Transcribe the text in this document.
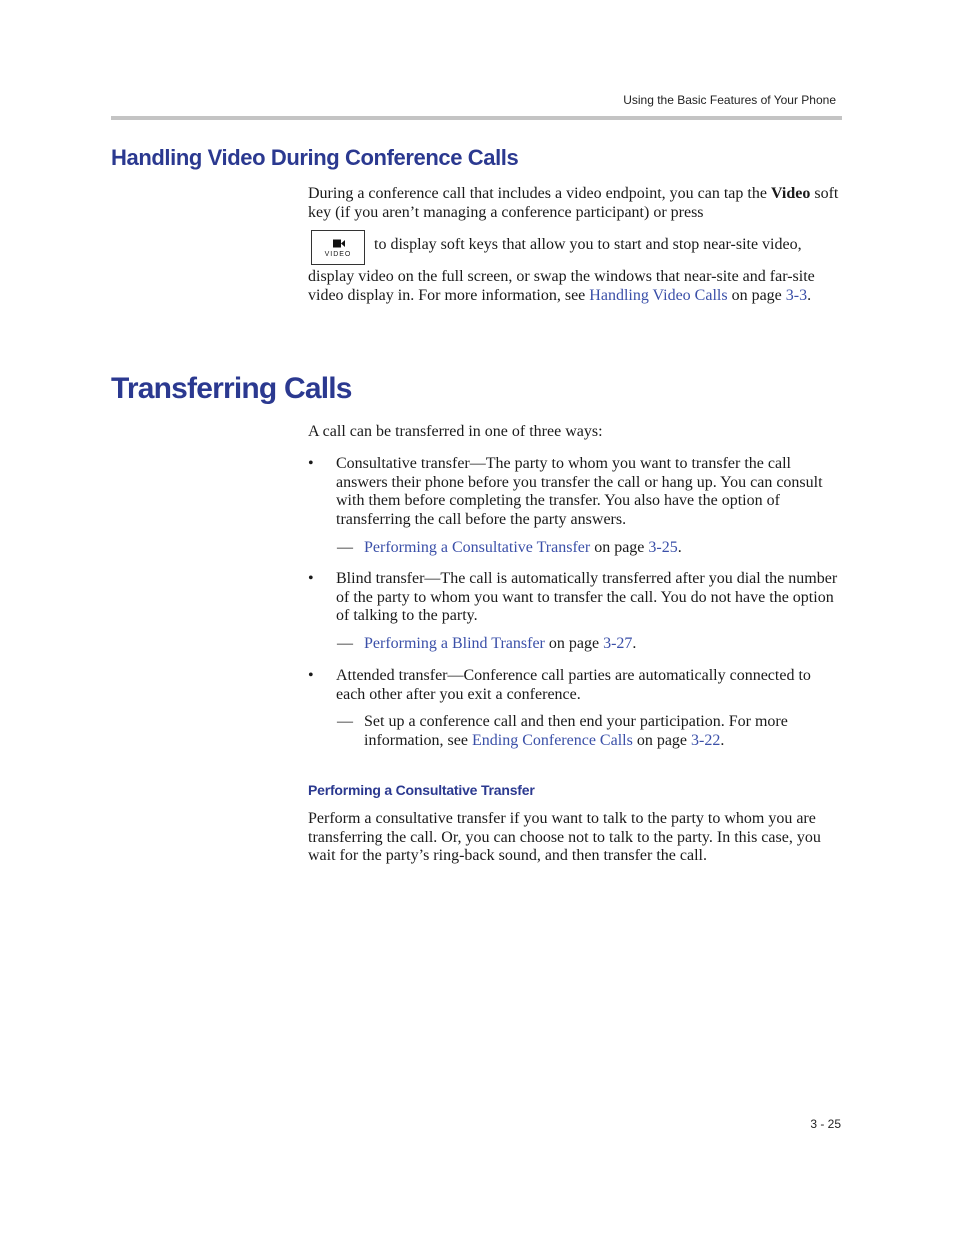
Using the Basic Features of Your Phone
Handling Video During Conference Calls

During a conference call that includes a video endpoint, you can tap the Video soft key (if you aren’t managing a conference participant) or press

VIDEO

to display soft keys that allow you to start and stop near-site video,

display video on the full screen, or swap the windows that near-site and far-site video display in. For more information, see Handling Video Calls on page 3-3.

Transferring Calls

A call can be transferred in one of three ways:

• Consultative transfer—The party to whom you want to transfer the call answers their phone before you transfer the call or hang up. You can consult with them before completing the transfer. You also have the option of transferring the call before the party answers.

— Performing a Consultative Transfer on page 3-25.

• Blind transfer—The call is automatically transferred after you dial the number of the party to whom you want to transfer the call. You do not have the option of talking to the party.

— Performing a Blind Transfer on page 3-27.

• Attended transfer—Conference call parties are automatically connected to each other after you exit a conference.

— Set up a conference call and then end your participation. For more information, see Ending Conference Calls on page 3-22.

Performing a Consultative Transfer

Perform a consultative transfer if you want to talk to the party to whom you are transferring the call. Or, you can choose not to talk to the party. In this case, you wait for the party’s ring-back sound, and then transfer the call.

3 - 25
